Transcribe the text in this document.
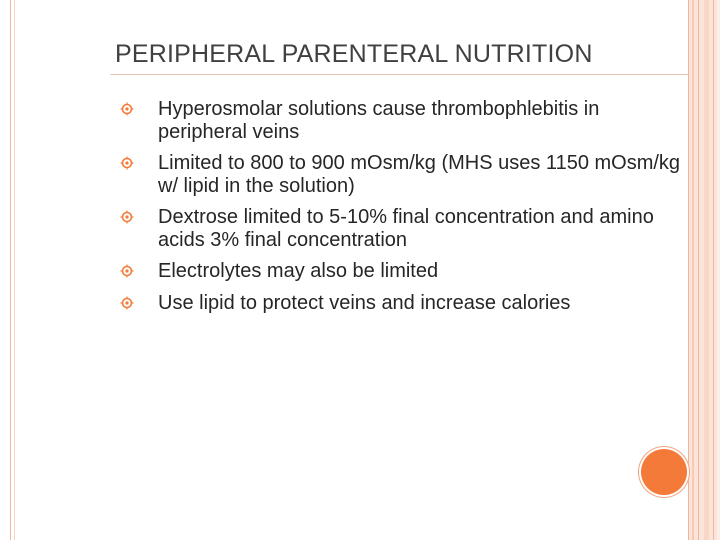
PERIPHERAL PARENTERAL NUTRITION
Hyperosmolar solutions cause thrombophlebitis in peripheral veins
Limited to 800 to 900 mOsm/kg (MHS uses 1150 mOsm/kg w/ lipid in the solution)
Dextrose limited to 5-10% final concentration and amino acids 3% final concentration
Electrolytes may also be limited
Use lipid to protect veins and increase calories
